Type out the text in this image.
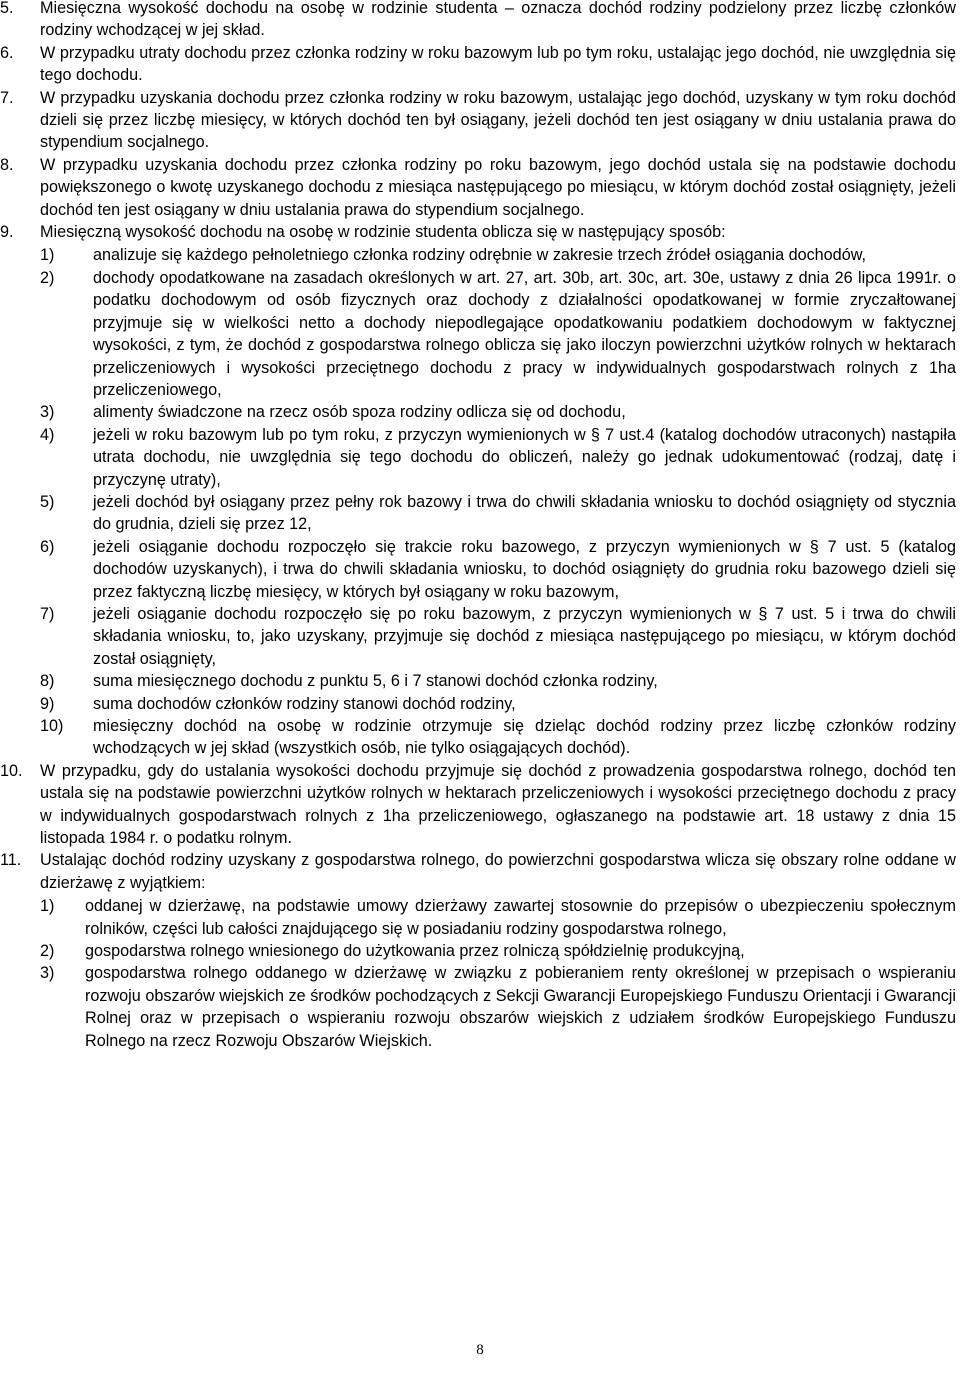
5. Miesięczna wysokość dochodu na osobę w rodzinie studenta – oznacza dochód rodziny podzielony przez liczbę członków rodziny wchodzącej w jej skład.
6. W przypadku utraty dochodu przez członka rodziny w roku bazowym lub po tym roku, ustalając jego dochód, nie uwzględnia się tego dochodu.
7. W przypadku uzyskania dochodu przez członka rodziny w roku bazowym, ustalając jego dochód, uzyskany w tym roku dochód dzieli się przez liczbę miesięcy, w których dochód ten był osiągany, jeżeli dochód ten jest osiągany w dniu ustalania prawa do stypendium socjalnego.
8. W przypadku uzyskania dochodu przez członka rodziny po roku bazowym, jego dochód ustala się na podstawie dochodu powiększonego o kwotę uzyskanego dochodu z miesiąca następującego po miesiącu, w którym dochód został osiągnięty, jeżeli dochód ten jest osiągany w dniu ustalania prawa do stypendium socjalnego.
9. Miesięczną wysokość dochodu na osobę w rodzinie studenta oblicza się w następujący sposób:
1) analizuje się każdego pełnoletniego członka rodziny odrębnie w zakresie trzech źródeł osiągania dochodów,
2) dochody opodatkowane na zasadach określonych w art. 27, art. 30b, art. 30c, art. 30e, ustawy z dnia 26 lipca 1991r. o podatku dochodowym od osób fizycznych oraz dochody z działalności opodatkowanej w formie zryczałtowanej przyjmuje się w wielkości netto a dochody niepodlegające opodatkowaniu podatkiem dochodowym w faktycznej wysokości, z tym, że dochód z gospodarstwa rolnego oblicza się jako iloczyn powierzchni użytków rolnych w hektarach przeliczeniowych i wysokości przeciętnego dochodu z pracy w indywidualnych gospodarstwach rolnych z 1ha przeliczeniowego,
3) alimenty świadczone na rzecz osób spoza rodziny odlicza się od dochodu,
4) jeżeli w roku bazowym lub po tym roku, z przyczyn wymienionych w § 7 ust.4 (katalog dochodów utraconych) nastąpiła utrata dochodu, nie uwzględnia się tego dochodu do obliczeń, należy go jednak udokumentować (rodzaj, datę i przyczynę utraty),
5) jeżeli dochód był osiągany przez pełny rok bazowy i trwa do chwili składania wniosku to dochód osiągnięty od stycznia do grudnia, dzieli się przez 12,
6) jeżeli osiąganie dochodu rozpoczęło się trakcie roku bazowego, z przyczyn wymienionych w § 7 ust. 5 (katalog dochodów uzyskanych), i trwa do chwili składania wniosku, to dochód osiągnięty do grudnia roku bazowego dzieli się przez faktyczną liczbę miesięcy, w których był osiągany w roku bazowym,
7) jeżeli osiąganie dochodu rozpoczęło się po roku bazowym, z przyczyn wymienionych w § 7 ust. 5 i trwa do chwili składania wniosku, to, jako uzyskany, przyjmuje się dochód z miesiąca następującego po miesiącu, w którym dochód został osiągnięty,
8) suma miesięcznego dochodu z punktu 5, 6 i 7 stanowi dochód członka rodziny,
9) suma dochodów członków rodziny stanowi dochód rodziny,
10) miesięczny dochód na osobę w rodzinie otrzymuje się dzieląc dochód rodziny przez liczbę członków rodziny wchodzących w jej skład (wszystkich osób, nie tylko osiągających dochód).
10. W przypadku, gdy do ustalania wysokości dochodu przyjmuje się dochód z prowadzenia gospodarstwa rolnego, dochód ten ustala się na podstawie powierzchni użytków rolnych w hektarach przeliczeniowych i wysokości przeciętnego dochodu z pracy w indywidualnych gospodarstwach rolnych z 1ha przeliczeniowego, ogłaszanego na podstawie art. 18 ustawy z dnia 15 listopada 1984 r. o podatku rolnym.
11. Ustalając dochód rodziny uzyskany z gospodarstwa rolnego, do powierzchni gospodarstwa wlicza się obszary rolne oddane w dzierżawę z wyjątkiem:
1) oddanej w dzierżawę, na podstawie umowy dzierżawy zawartej stosownie do przepisów o ubezpieczeniu społecznym rolników, części lub całości znajdującego się w posiadaniu rodziny gospodarstwa rolnego,
2) gospodarstwa rolnego wniesionego do użytkowania przez rolniczą spółdzielnię produkcyjną,
3) gospodarstwa rolnego oddanego w dzierżawę w związku z pobieraniem renty określonej w przepisach o wspieraniu rozwoju obszarów wiejskich ze środków pochodzących z Sekcji Gwarancji Europejskiego Funduszu Orientacji i Gwarancji Rolnej oraz w przepisach o wspieraniu rozwoju obszarów wiejskich z udziałem środków Europejskiego Funduszu Rolnego na rzecz Rozwoju Obszarów Wiejskich.
8
